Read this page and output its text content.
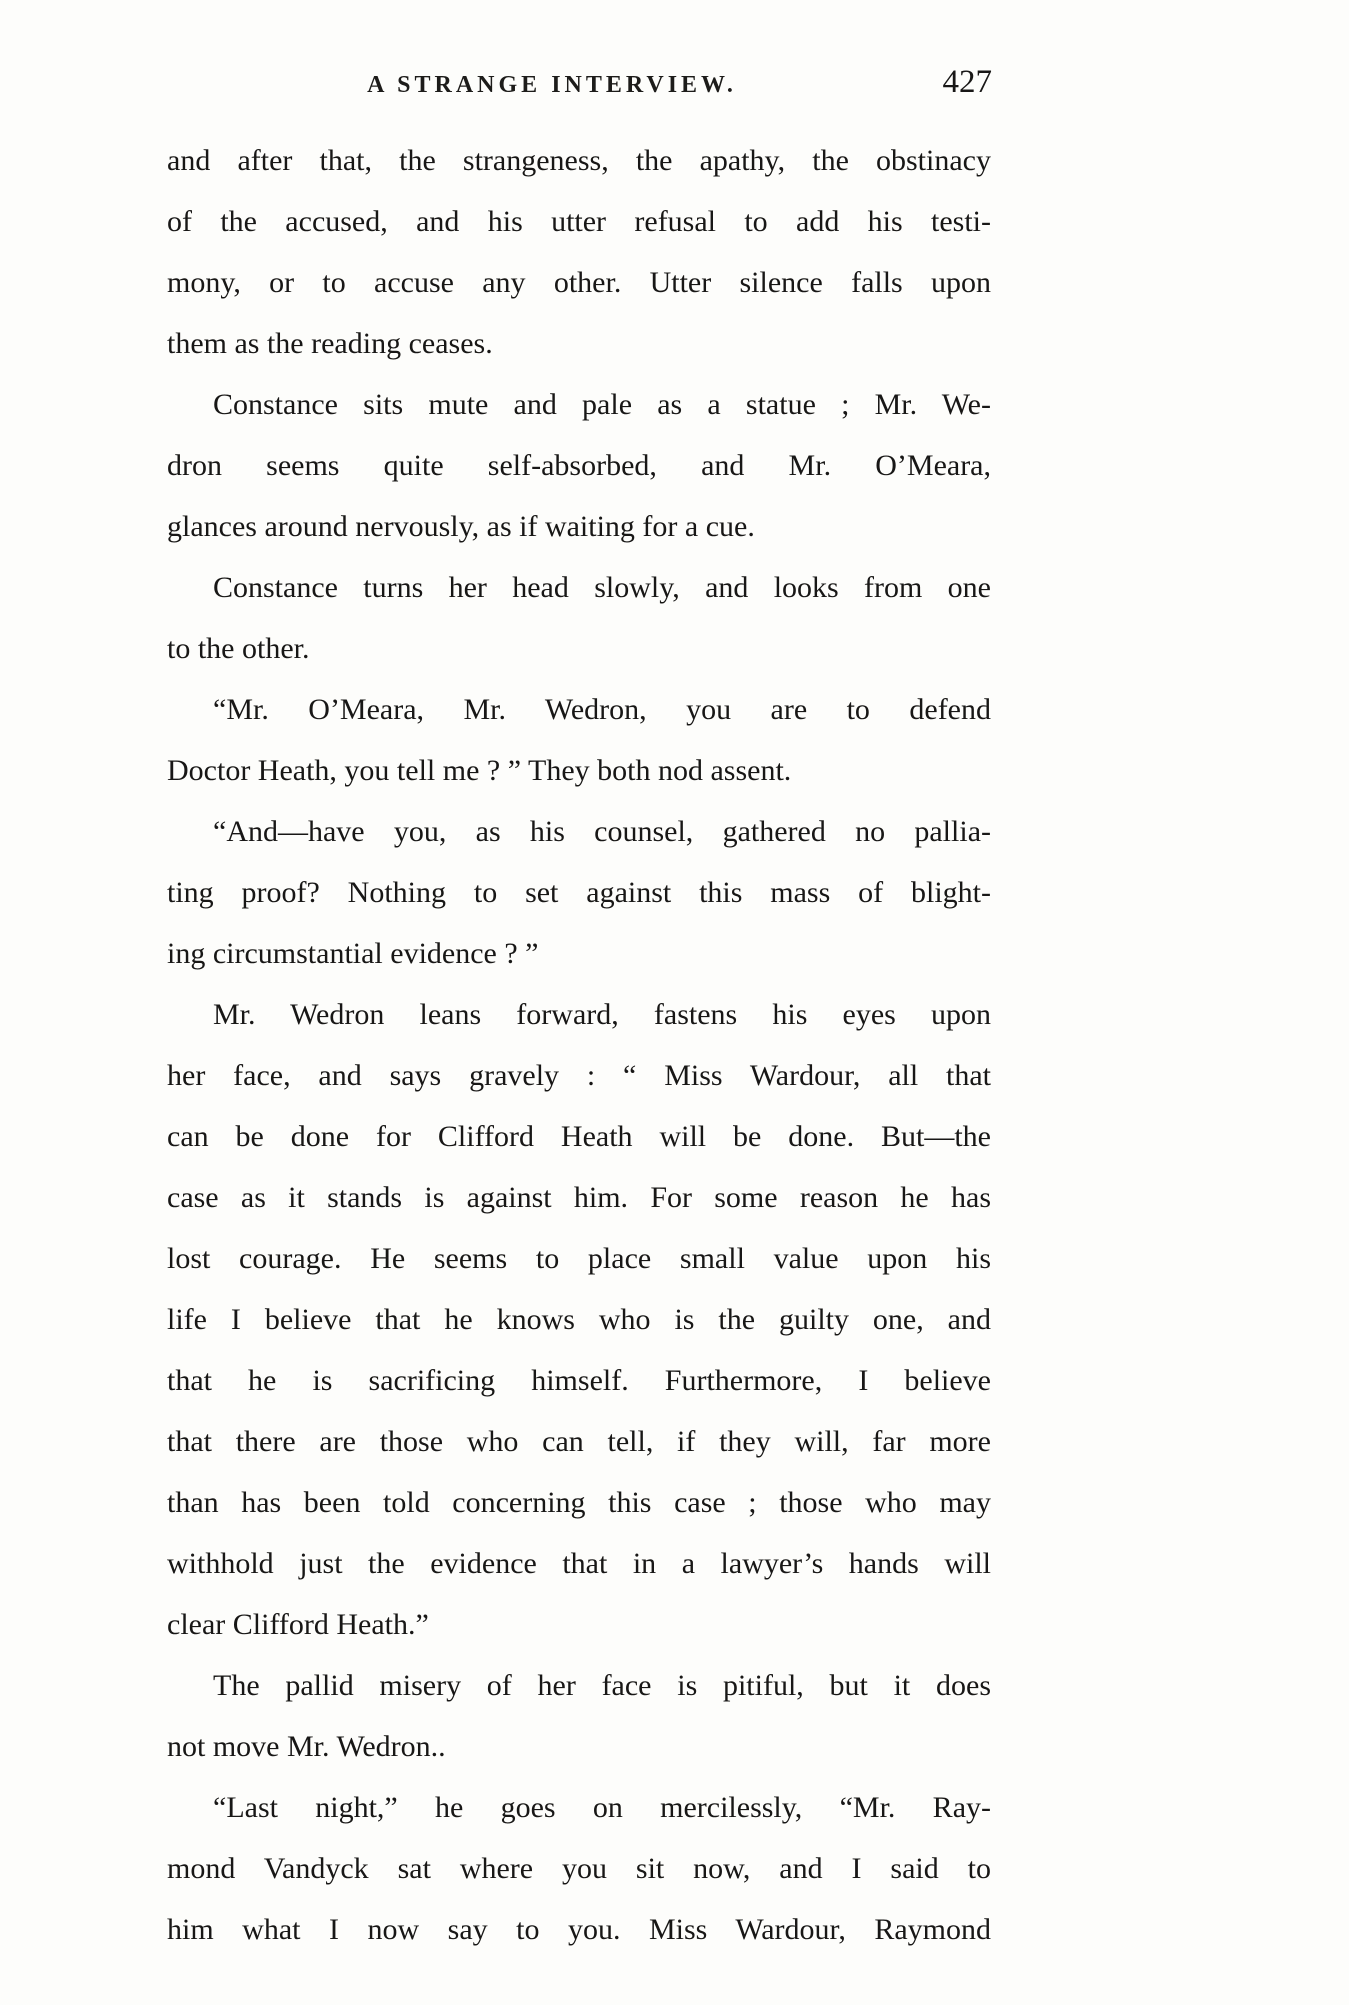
A STRANGE INTERVIEW.	427
and after that, the strangeness, the apathy, the obstinacy
of the accused, and his utter refusal to add his testi-
mony, or to accuse any other. Utter silence falls upon
them as the reading ceases.
Constance sits mute and pale as a statue ; Mr. We-
dron seems quite self-absorbed, and Mr. O’Meara,
glances around nervously, as if waiting for a cue.
Constance turns her head slowly, and looks from one
to the other.
“Mr. O’Meara, Mr. Wedron, you are to defend
Doctor Heath, you tell me ? ” They both nod assent.
“And—have you, as his counsel, gathered no pallia-
ting proof? Nothing to set against this mass of blight-
ing circumstantial evidence ? ”
Mr. Wedron leans forward, fastens his eyes upon
her face, and says gravely : “ Miss Wardour, all that
can be done for Clifford Heath will be done. But—the
case as it stands is against him. For some reason he has
lost courage. He seems to place small value upon his
life I believe that he knows who is the guilty one, and
that he is sacrificing himself. Furthermore, I believe
that there are those who can tell, if they will, far more
than has been told concerning this case ; those who may
withhold just the evidence that in a lawyer’s hands will
clear Clifford Heath.”
The pallid misery of her face is pitiful, but it does
not move Mr. Wedron..
“Last night,” he goes on mercilessly, “Mr. Ray-
mond Vandyck sat where you sit now, and I said to
him what I now say to you. Miss Wardour, Raymond
